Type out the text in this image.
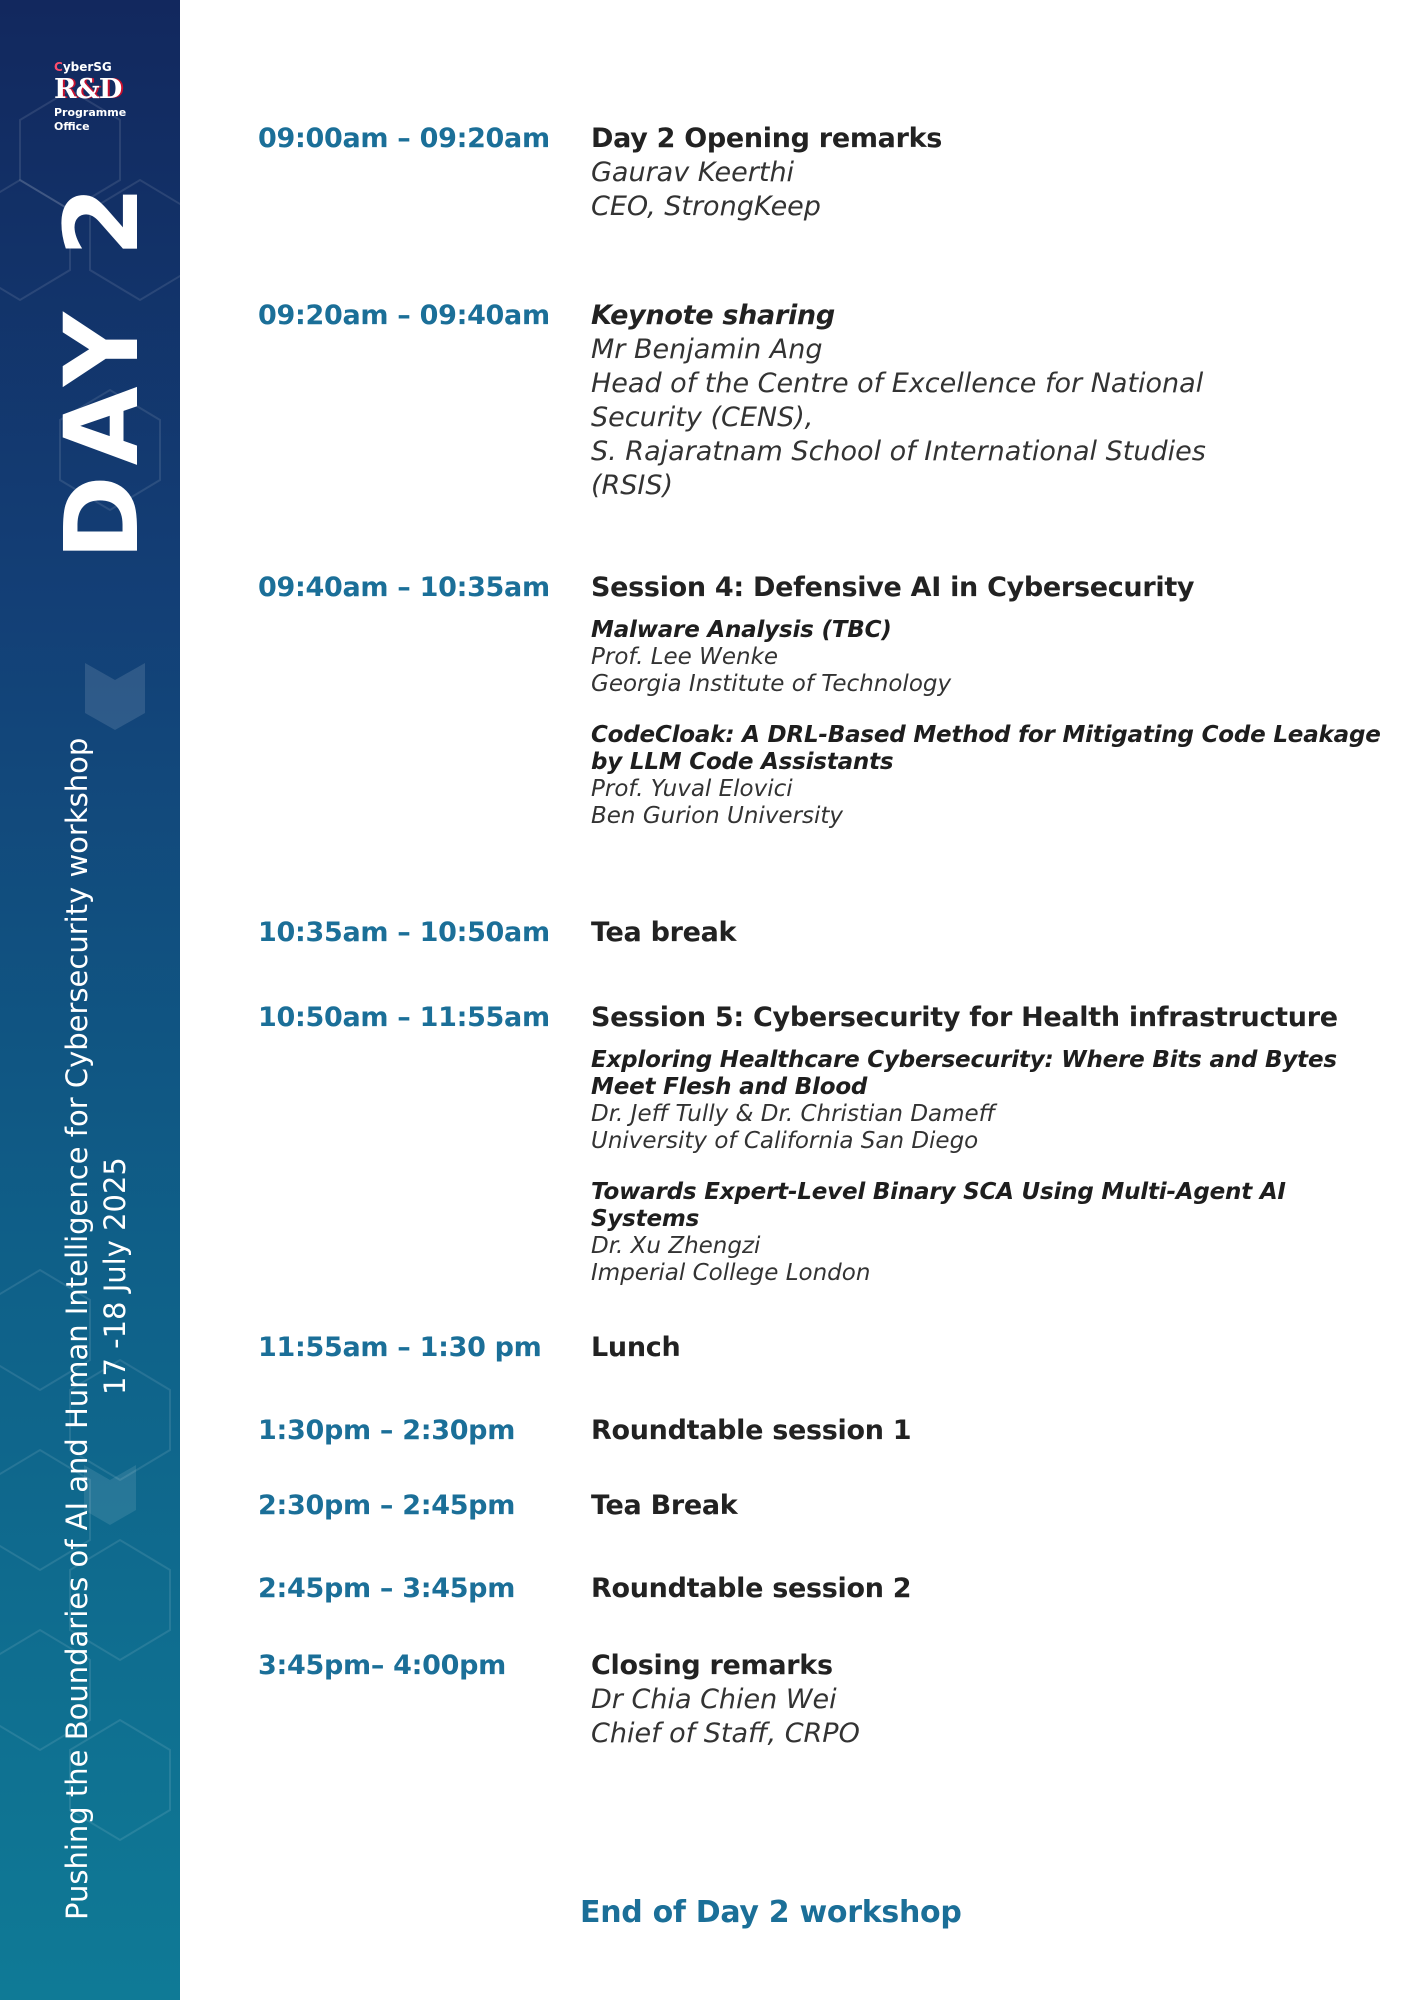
CyberSG
R&D
Programme
Office
DAY 2
Pushing the Boundaries of AI and Human Intelligence for Cybersecurity workshop 17 -18 July 2025
09:00am – 09:20am	Day 2 Opening remarks
Gaurav Keerthi
CEO, StrongKeep
09:20am – 09:40am	Keynote sharing
Mr Benjamin Ang
Head of the Centre of Excellence for National
Security (CENS),
S. Rajaratnam School of International Studies
(RSIS)
09:40am – 10:35am	Session 4: Defensive AI in Cybersecurity
Malware Analysis (TBC)
Prof. Lee Wenke
Georgia Institute of Technology
CodeCloak: A DRL-Based Method for Mitigating Code Leakage by LLM Code Assistants
Prof. Yuval Elovici
Ben Gurion University
10:35am – 10:50am	Tea break
10:50am – 11:55am	Session 5: Cybersecurity for Health infrastructure
Exploring Healthcare Cybersecurity: Where Bits and Bytes Meet Flesh and Blood
Dr. Jeff Tully & Dr. Christian Dameff
University of California San Diego
Towards Expert-Level Binary SCA Using Multi-Agent AI Systems
Dr. Xu Zhengzi
Imperial College London
11:55am – 1:30 pm	Lunch
1:30pm – 2:30pm	Roundtable session 1
2:30pm – 2:45pm	Tea Break
2:45pm – 3:45pm	Roundtable session 2
3:45pm– 4:00pm	Closing remarks
Dr Chia Chien Wei
Chief of Staff, CRPO
End of Day 2 workshop
